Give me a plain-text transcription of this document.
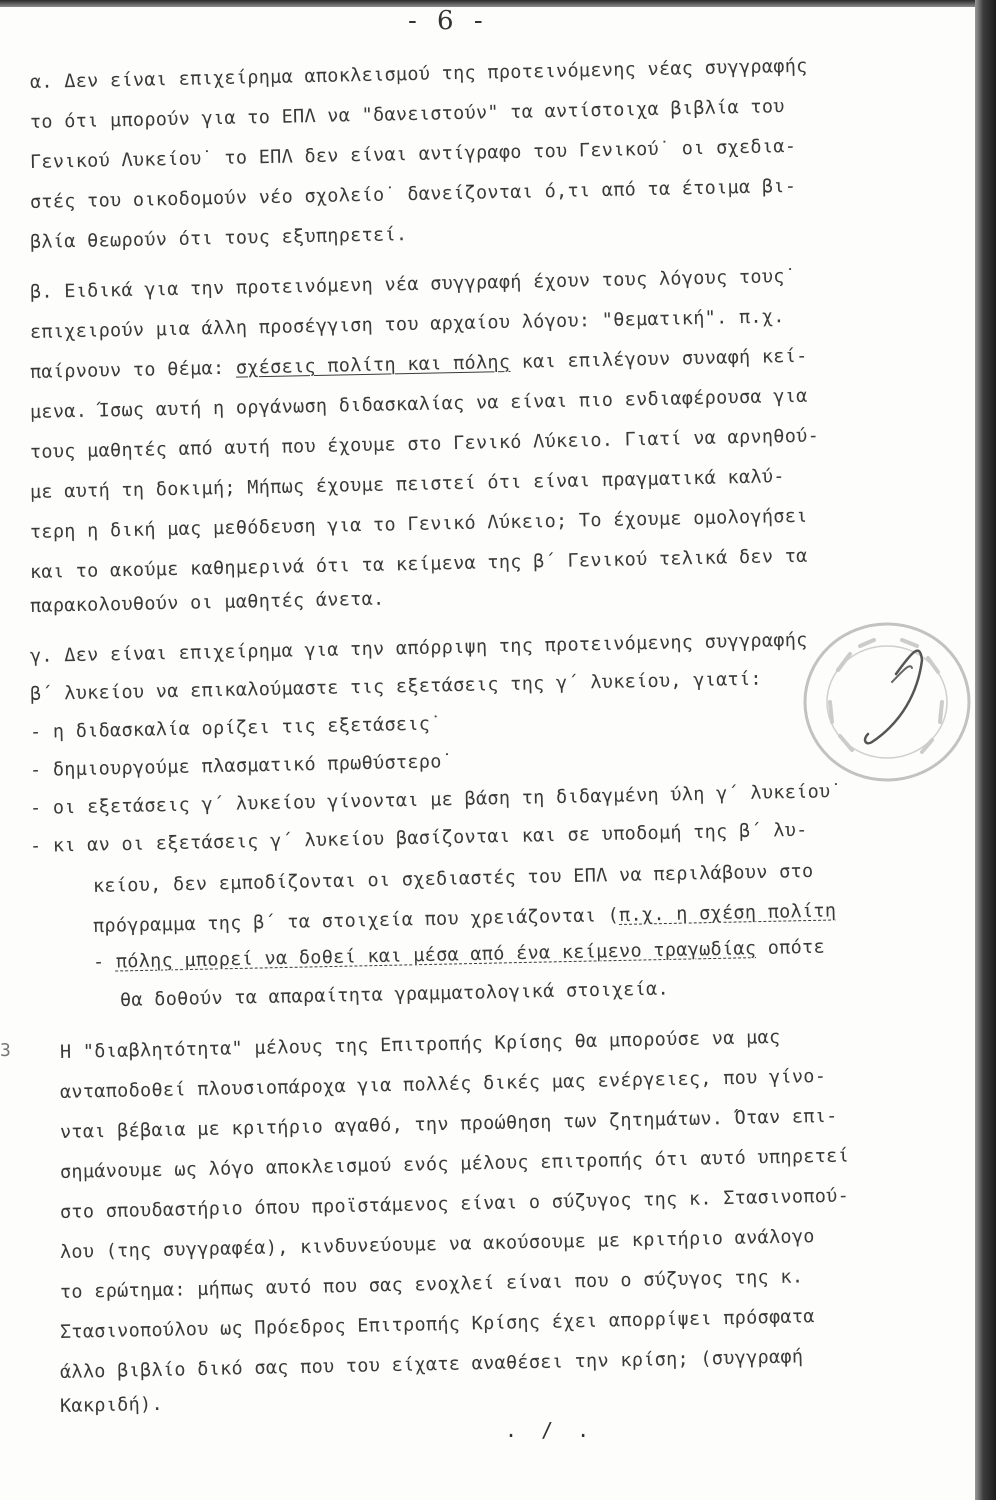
- 6 -
3
α. Δεν είναι επιχείρημα αποκλεισμού της προτεινόμενης νέας συγγραφής
το ότι μπορούν για το ΕΠΛ να "δανειστούν" τα αντίστοιχα βιβλία του
Γενικού Λυκείου˙ το ΕΠΛ δεν είναι αντίγραφο του Γενικού˙ οι σχεδια-
στές του οικοδομούν νέο σχολείο˙ δανείζονται ό,τι από τα έτοιμα βι-
βλία θεωρούν ότι τους εξυπηρετεί.
β. Ειδικά για την προτεινόμενη νέα συγγραφή έχουν τους λόγους τους˙
επιχειρούν μια άλλη προσέγγιση του αρχαίου λόγου: "θεματική". π.χ.
παίρνουν το θέμα: σχέσεις πολίτη και πόλης και επιλέγουν συναφή κεί-
μενα. Ίσως αυτή η οργάνωση διδασκαλίας να είναι πιο ενδιαφέρουσα για
τους μαθητές από αυτή που έχουμε στο Γενικό Λύκειο. Γιατί να αρνηθού-
με αυτή τη δοκιμή; Μήπως έχουμε πειστεί ότι είναι πραγματικά καλύ-
τερη η δική μας μεθόδευση για το Γενικό Λύκειο; Το έχουμε ομολογήσει
και το ακούμε καθημερινά ότι τα κείμενα της β΄ Γενικού τελικά δεν τα
παρακολουθούν οι μαθητές άνετα.
γ. Δεν είναι επιχείρημα για την απόρριψη της προτεινόμενης συγγραφής
β΄ λυκείου να επικαλούμαστε τις εξετάσεις της γ΄ λυκείου, γιατί:
- η διδασκαλία ορίζει τις εξετάσεις˙
- δημιουργούμε πλασματικό πρωθύστερο˙
- οι εξετάσεις γ΄ λυκείου γίνονται με βάση τη διδαγμένη ύλη γ΄ λυκείου˙
- κι αν οι εξετάσεις γ΄ λυκείου βασίζονται και σε υποδομή της β΄ λυ-
κείου, δεν εμποδίζονται οι σχεδιαστές του ΕΠΛ να περιλάβουν στο
πρόγραμμα της β΄ τα στοιχεία που χρειάζονται (π.χ. η σχέση πολίτη
- πόλης μπορεί να δοθεί και μέσα από ένα κείμενο τραγωδίας οπότε
θα δοθούν τα απαραίτητα γραμματολογικά στοιχεία.
Η "διαβλητότητα" μέλους της Επιτροπής Κρίσης θα μπορούσε να μας
ανταποδοθεί πλουσιοπάροχα για πολλές δικές μας ενέργειες, που γίνο-
νται βέβαια με κριτήριο αγαθό, την προώθηση των ζητημάτων. Όταν επι-
σημάνουμε ως λόγο αποκλεισμού ενός μέλους επιτροπής ότι αυτό υπηρετεί
στο σπουδαστήριο όπου προϊστάμενος είναι ο σύζυγος της κ. Στασινοπού-
λου (της συγγραφέα), κινδυνεύουμε να ακούσουμε με κριτήριο ανάλογο
το ερώτημα: μήπως αυτό που σας ενοχλεί είναι που ο σύζυγος της κ.
Στασινοπούλου ως Πρόεδρος Επιτροπής Κρίσης έχει απορρίψει πρόσφατα
άλλο βιβλίο δικό σας που του είχατε αναθέσει την κρίση; (συγγραφή
Κακριδή).
. / .
